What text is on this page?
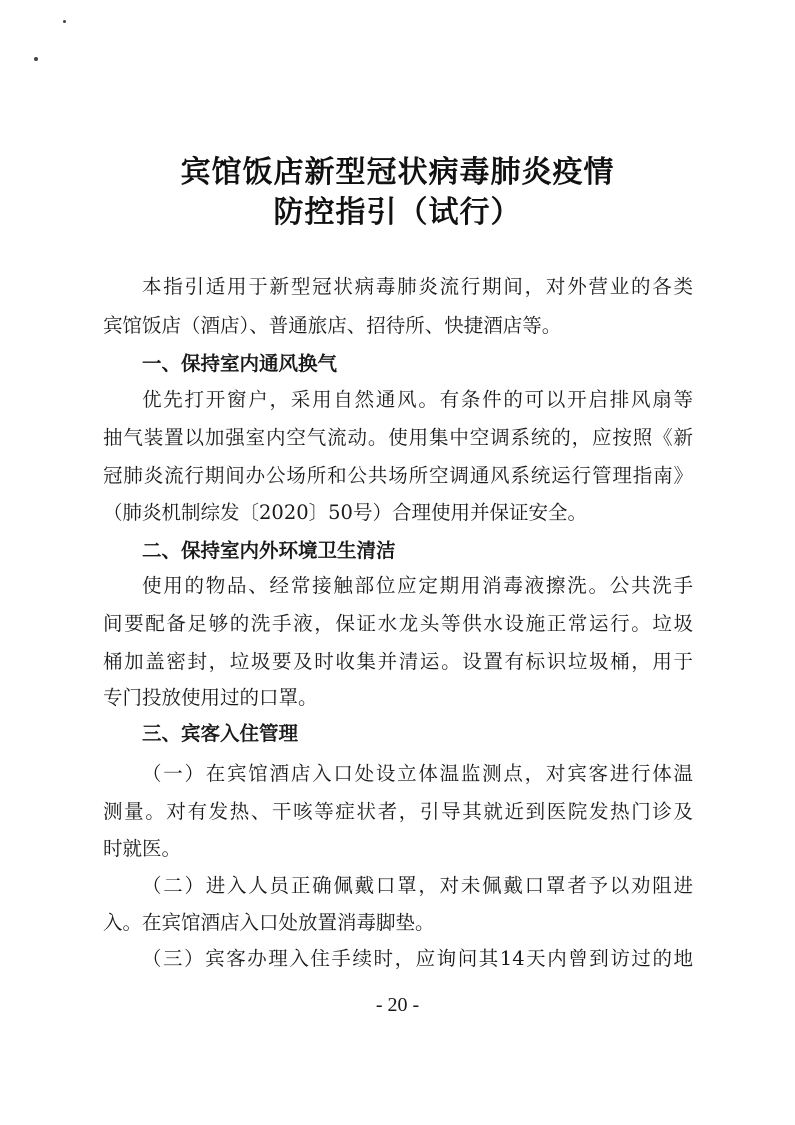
宾馆饭店新型冠状病毒肺炎疫情
防控指引（试行）
本指引适用于新型冠状病毒肺炎流行期间，对外营业的各类
宾馆饭店（酒店）、普通旅店、招待所、快捷酒店等。
一、保持室内通风换气
优先打开窗户，采用自然通风。有条件的可以开启排风扇等
抽气装置以加强室内空气流动。使用集中空调系统的，应按照《新
冠肺炎流行期间办公场所和公共场所空调通风系统运行管理指南》
（肺炎机制综发〔2020〕50号）合理使用并保证安全。
二、保持室内外环境卫生清洁
使用的物品、经常接触部位应定期用消毒液擦洗。公共洗手
间要配备足够的洗手液，保证水龙头等供水设施正常运行。垃圾
桶加盖密封，垃圾要及时收集并清运。设置有标识垃圾桶，用于
专门投放使用过的口罩。
三、宾客入住管理
（一）在宾馆酒店入口处设立体温监测点，对宾客进行体温
测量。对有发热、干咳等症状者，引导其就近到医院发热门诊及
时就医。
（二）进入人员正确佩戴口罩，对未佩戴口罩者予以劝阻进
入。在宾馆酒店入口处放置消毒脚垫。
（三）宾客办理入住手续时，应询问其14天内曾到访过的地
- 20 -
